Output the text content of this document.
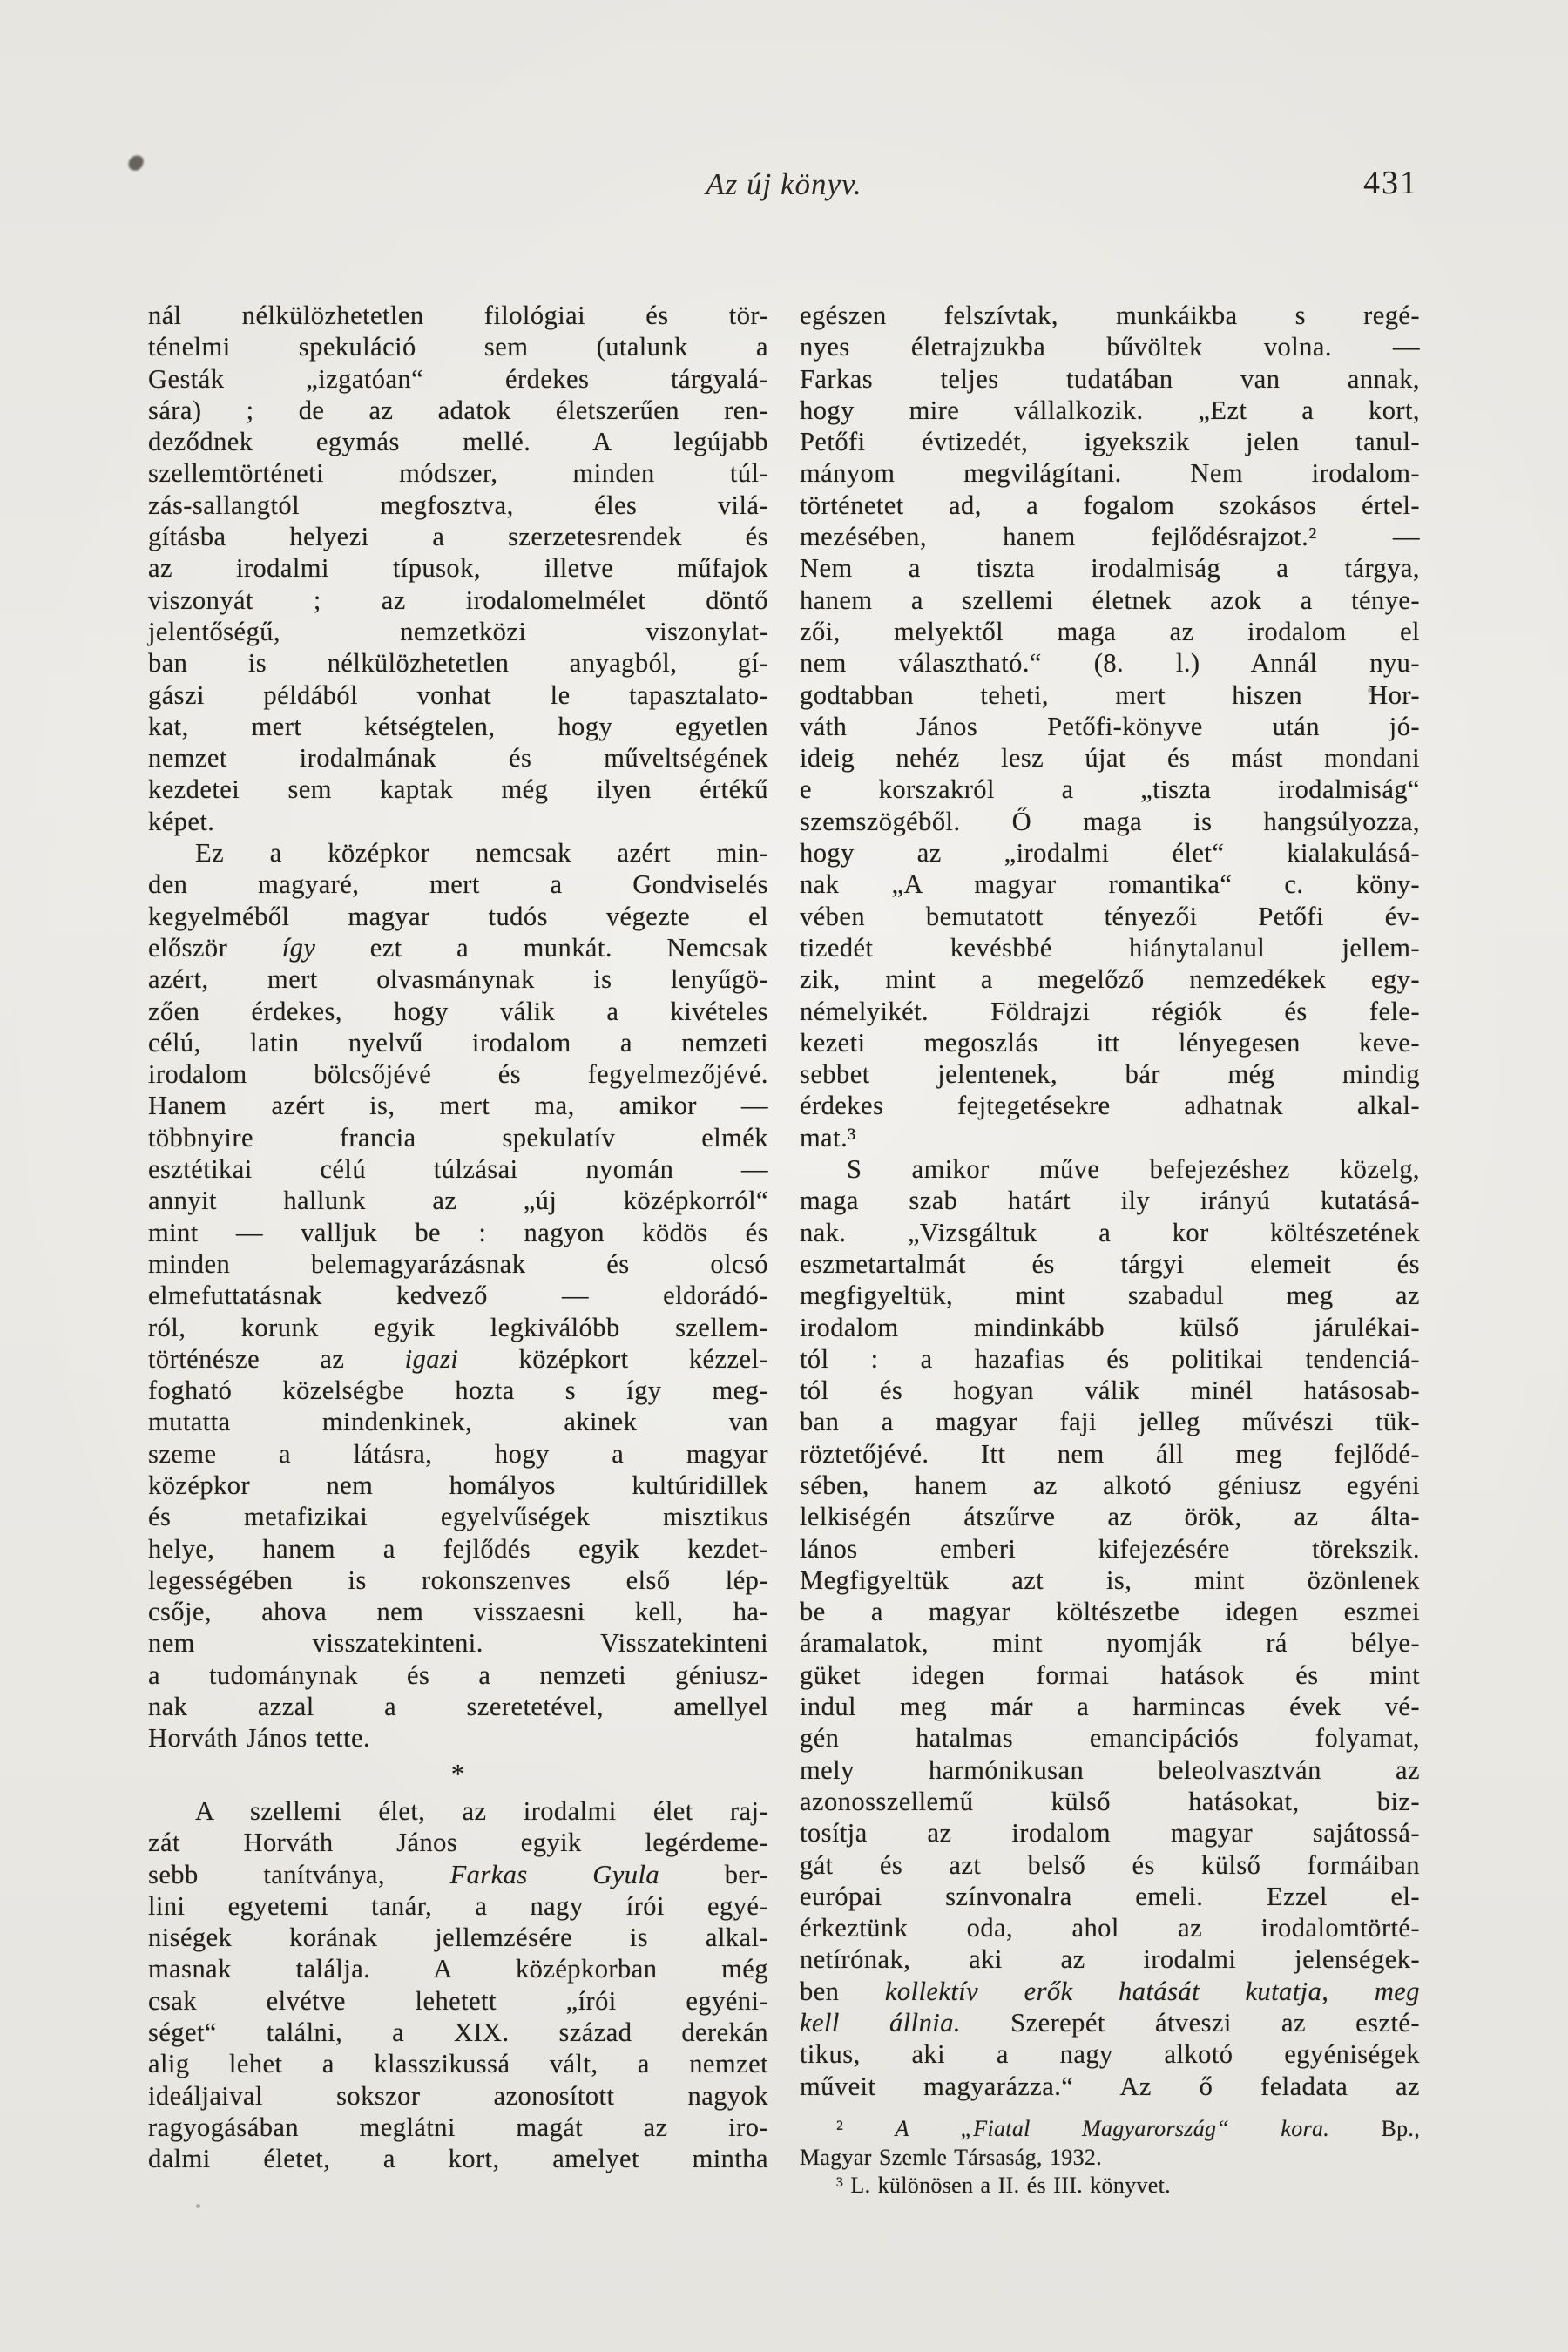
Az új könyv.	431
nál nélkülözhetetlen filológiai és tör-
ténelmi spekuláció sem (utalunk a
Gesták „izgatóan“ érdekes tárgyalá-
sára) ; de az adatok életszerűen ren-
deződnek egymás mellé. A legújabb
szellemtörténeti módszer, minden túl-
zás-sallangtól megfosztva, éles vilá-
gításba helyezi a szerzetesrendek és
az irodalmi típusok, illetve műfajok
viszonyát ; az irodalomelmélet döntő
jelentőségű, nemzetközi viszonylat-
ban is nélkülözhetetlen anyagból, gí-
gászi példából vonhat le tapasztalato-
kat, mert kétségtelen, hogy egyetlen
nemzet irodalmának és műveltségének
kezdetei sem kaptak még ilyen értékű
képet.
Ez a középkor nemcsak azért min-
den magyaré, mert a Gondviselés
kegyelméből magyar tudós végezte el
először így ezt a munkát. Nemcsak
azért, mert olvasmánynak is lenyűgö-
zően érdekes, hogy válik a kivételes
célú, latin nyelvű irodalom a nemzeti
irodalom bölcsőjévé és fegyelmezőjévé.
Hanem azért is, mert ma, amikor —
többnyire francia spekulatív elmék
esztétikai célú túlzásai nyomán —
annyit hallunk az „új középkorról“
mint — valljuk be : nagyon ködös és
minden belemagyarázásnak és olcsó
elmefuttatásnak kedvező — eldorádó-
ról, korunk egyik legkiválóbb szellem-
történésze az igazi középkort kézzel-
fogható közelségbe hozta s így meg-
mutatta mindenkinek, akinek van
szeme a látásra, hogy a magyar
középkor nem homályos kultúridillek
és metafizikai egyelvűségek misztikus
helye, hanem a fejlődés egyik kezdet-
legességében is rokonszenves első lép-
csője, ahova nem visszaesni kell, ha-
nem visszatekinteni. Visszatekinteni
a tudománynak és a nemzeti géniusz-
nak azzal a szeretetével, amellyel
Horváth János tette.
*
A szellemi élet, az irodalmi élet raj-
zát Horváth János egyik legérdeme-
sebb tanítványa, Farkas Gyula ber-
lini egyetemi tanár, a nagy írói egyé-
niségek korának jellemzésére is alkal-
masnak találja. A középkorban még
csak elvétve lehetett „írói egyéni-
séget“ találni, a XIX. század derekán
alig lehet a klasszikussá vált, a nemzet
ideáljaival sokszor azonosított nagyok
ragyogásában meglátni magát az iro-
dalmi életet, a kort, amelyet mintha
egészen felszívtak, munkáikba s regé-
nyes életrajzukba bűvöltek volna. —
Farkas teljes tudatában van annak,
hogy mire vállalkozik. „Ezt a kort,
Petőfi évtizedét, igyekszik jelen tanul-
mányom megvilágítani. Nem irodalom-
történetet ad, a fogalom szokásos értel-
mezésében, hanem fejlődésrajzot.² —
Nem a tiszta irodalmiság a tárgya,
hanem a szellemi életnek azok a ténye-
zői, melyektől maga az irodalom el
nem választható.“ (8. l.) Annál nyu-
godtabban teheti, mert hiszen Hor-
váth János Petőfi-könyve után jó-
ideig nehéz lesz újat és mást mondani
e korszakról a „tiszta irodalmiság“
szemszögéből. Ő maga is hangsúlyozza,
hogy az „irodalmi élet“ kialakulásá-
nak „A magyar romantika“ c. köny-
vében bemutatott tényezői Petőfi év-
tizedét kevésbbé hiánytalanul jellem-
zik, mint a megelőző nemzedékek egy-
némelyikét. Földrajzi régiók és fele-
kezeti megoszlás itt lényegesen keve-
sebbet jelentenek, bár még mindig
érdekes fejtegetésekre adhatnak alkal-
mat.³
S amikor műve befejezéshez közelg,
maga szab határt ily irányú kutatásá-
nak. „Vizsgáltuk a kor költészetének
eszmetartalmát és tárgyi elemeit és
megfigyeltük, mint szabadul meg az
irodalom mindinkább külső járulékai-
tól : a hazafias és politikai tendenciá-
tól és hogyan válik minél hatásosab-
ban a magyar faji jelleg művészi tük-
röztetőjévé. Itt nem áll meg fejlődé-
sében, hanem az alkotó géniusz egyéni
lelkiségén átszűrve az örök, az álta-
lános emberi kifejezésére törekszik.
Megfigyeltük azt is, mint özönlenek
be a magyar költészetbe idegen eszmei
áramalatok, mint nyomják rá bélye-
güket idegen formai hatások és mint
indul meg már a harmincas évek vé-
gén hatalmas emancipációs folyamat,
mely harmónikusan beleolvasztván az
azonosszellemű külső hatásokat, biz-
tosítja az irodalom magyar sajátossá-
gát és azt belső és külső formáiban
európai színvonalra emeli. Ezzel el-
érkeztünk oda, ahol az irodalomtörté-
netírónak, aki az irodalmi jelenségek-
ben kollektív erők hatását kutatja, meg
kell állnia. Szerepét átveszi az eszté-
tikus, aki a nagy alkotó egyéniségek
műveit magyarázza.“ Az ő feladata az
² A „Fiatal Magyarország“ kora. Bp.,
Magyar Szemle Társaság, 1932.
³ L. különösen a II. és III. könyvet.
